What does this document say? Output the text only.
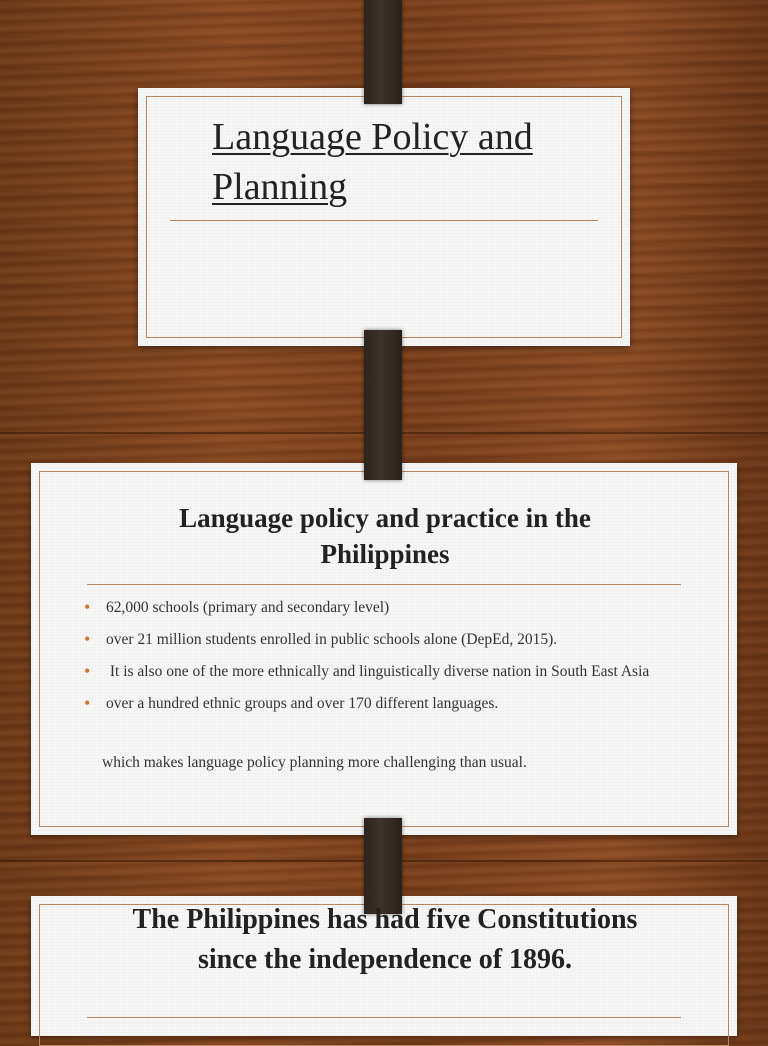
Language Policy and Planning
Language policy and practice in the Philippines
• 62,000 schools (primary and secondary level)
• over 21 million students enrolled in public schools alone (DepEd, 2015).
• It is also one of the more ethnically and linguistically diverse nation in South East Asia
• over a hundred ethnic groups and over 170 different languages.
which makes language policy planning more challenging than usual.
The Philippines has had five Constitutions since the independence of 1896.
